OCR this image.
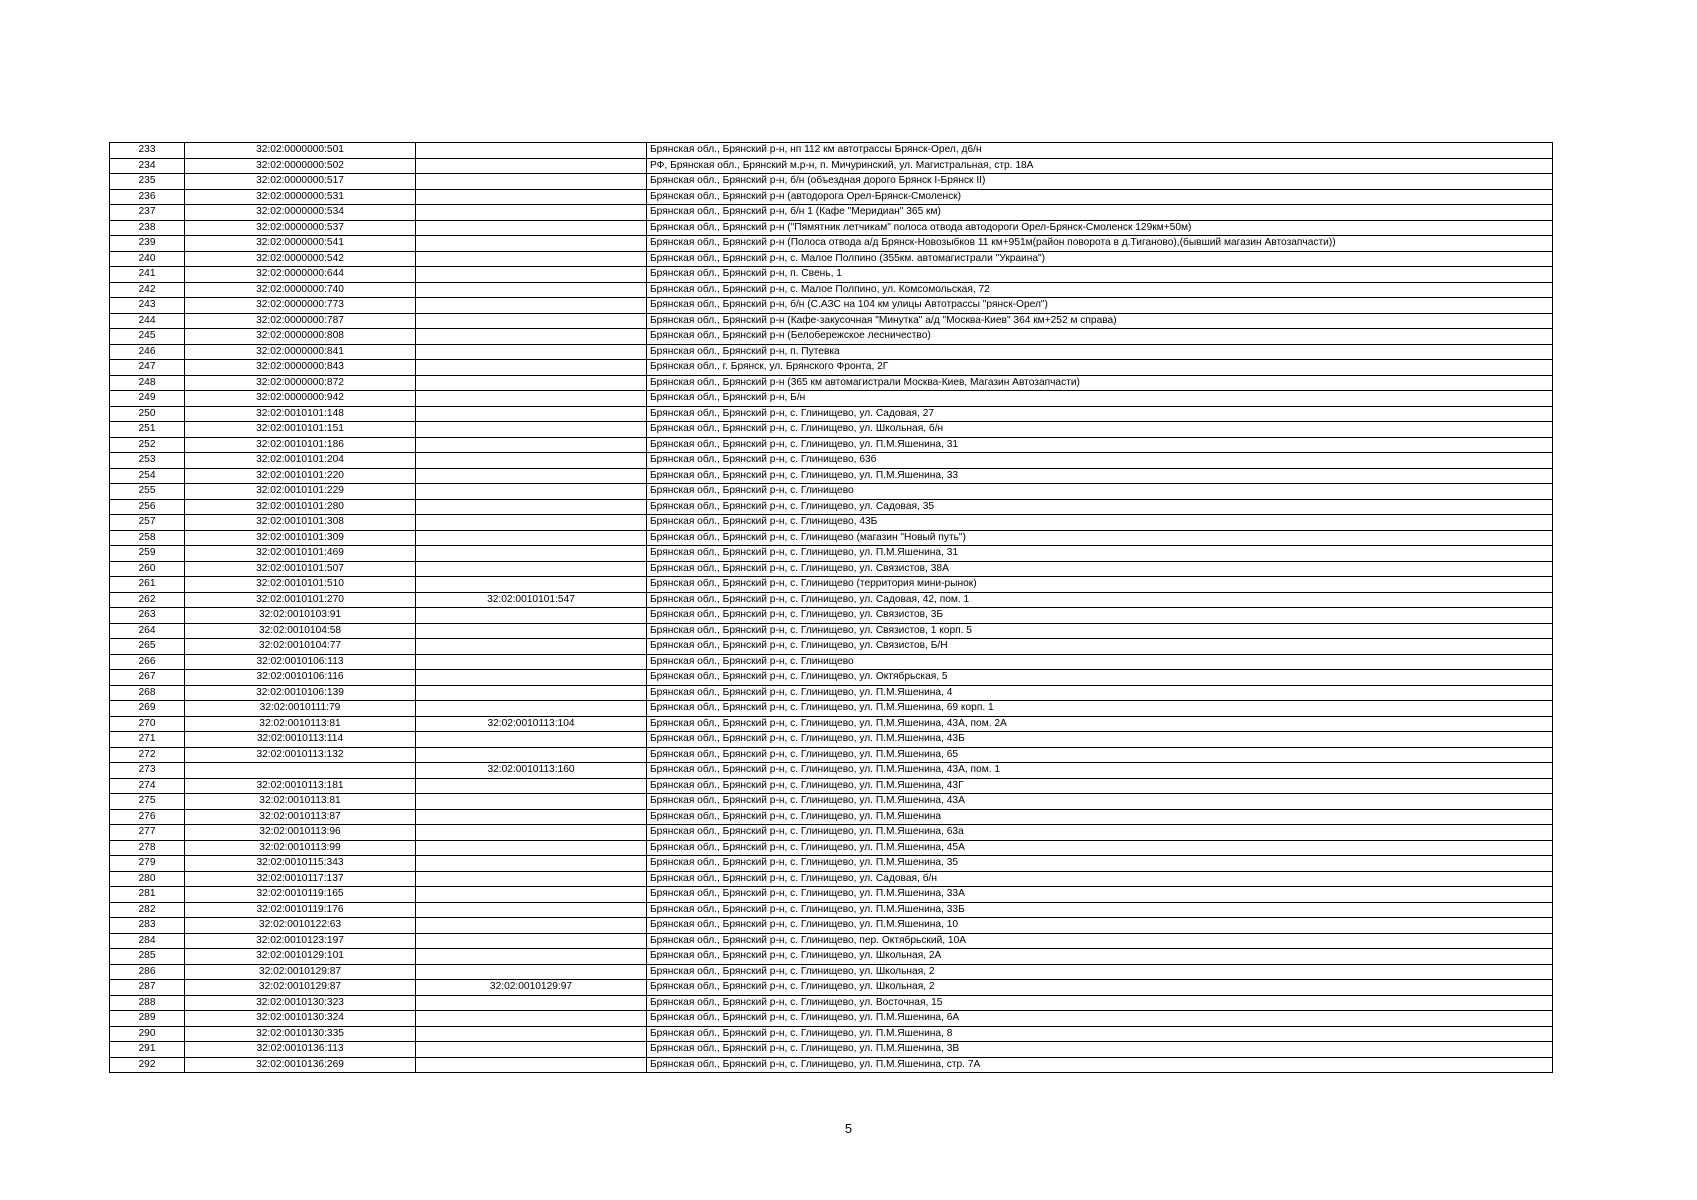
233	32:02:0000000:501		Брянская обл., Брянский р-н, нп 112 км автотрассы Брянск-Орел, д6/н
234	32:02:0000000:502		РФ, Брянская обл., Брянский м.р-н, п. Мичуринский, ул. Магистральная, стр. 18А
235	32:02:0000000:517		Брянская обл., Брянский р-н, б/н (объездная дорого Брянск I-Брянск II)
236	32:02:0000000:531		Брянская обл., Брянский р-н (автодорога Орел-Брянск-Смоленск)
237	32:02:0000000:534		Брянская обл., Брянский р-н, б/н 1 (Кафе "Меридиан" 365 км)
238	32:02:0000000:537		Брянская обл., Брянский р-н ("Пямятник летчикам" полоса отвода автодороги Орел-Брянск-Смоленск 129км+50м)
239	32:02:0000000:541		Брянская обл., Брянский р-н (Полоса отвода а/д Брянск-Новозыбков 11 км+951м(район поворота в д.Тиганово),(бывший магазин Автозапчасти))
240	32:02:0000000:542		Брянская обл., Брянский р-н, с. Малое Полпино (355км. автомагистрали "Украина")
241	32:02:0000000:644		Брянская обл., Брянский р-н, п. Свень, 1
242	32:02:0000000:740		Брянская обл., Брянский р-н, с. Малое Полпино, ул. Комсомольская, 72
243	32:02:0000000:773		Брянская обл., Брянский р-н, б/н (С.АЗС на 104 км улицы Автотрассы "рянск-Орел")
244	32:02:0000000:787		Брянская обл., Брянский р-н (Кафе-закусочная "Минутка" а/д "Москва-Киев" 364 км+252 м справа)
245	32:02:0000000:808		Брянская обл., Брянский р-н (Белобережское лесничество)
246	32:02:0000000:841		Брянская обл., Брянский р-н, п. Путевка
247	32:02:0000000:843		Брянская обл., г. Брянск, ул. Брянского Фронта, 2Г
248	32:02:0000000:872		Брянская обл., Брянский р-н (365 км автомагистрали Москва-Киев, Магазин Автозапчасти)
249	32:02:0000000:942		Брянская обл., Брянский р-н, Б/н
250	32:02:0010101:148		Брянская обл., Брянский р-н, с. Глинищево, ул. Садовая, 27
251	32:02:0010101:151		Брянская обл., Брянский р-н, с. Глинищево, ул. Школьная, б/н
252	32:02:0010101:186		Брянская обл., Брянский р-н, с. Глинищево, ул. П.М.Яшенина, 31
253	32:02:0010101:204		Брянская обл., Брянский р-н, с. Глинищево, 63б
254	32:02:0010101:220		Брянская обл., Брянский р-н, с. Глинищево, ул. П.М.Яшенина, 33
255	32:02:0010101:229		Брянская обл., Брянский р-н, с. Глинищево
256	32:02:0010101:280		Брянская обл., Брянский р-н, с. Глинищево, ул. Садовая, 35
257	32:02:0010101:308		Брянская обл., Брянский р-н, с. Глинищево, 43Б
258	32:02:0010101:309		Брянская обл., Брянский р-н, с. Глинищево (магазин "Новый путь")
259	32:02:0010101:469		Брянская обл., Брянский р-н, с. Глинищево, ул. П.М.Яшенина, 31
260	32:02:0010101:507		Брянская обл., Брянский р-н, с. Глинищево, ул. Связистов, 38А
261	32:02:0010101:510		Брянская обл., Брянский р-н, с. Глинищево (территория мини-рынок)
262	32:02:0010101:270	32:02:0010101:547	Брянская обл., Брянский р-н, с. Глинищево, ул. Садовая, 42, пом. 1
263	32:02:0010103:91		Брянская обл., Брянский р-н, с. Глинищево, ул. Связистов, 3Б
264	32:02:0010104:58		Брянская обл., Брянский р-н, с. Глинищево, ул. Связистов, 1 корп. 5
265	32:02:0010104:77		Брянская обл., Брянский р-н, с. Глинищево, ул. Связистов, Б/Н
266	32:02:0010106:113		Брянская обл., Брянский р-н, с. Глинищево
267	32:02:0010106:116		Брянская обл., Брянский р-н, с. Глинищево, ул. Октябрьская, 5
268	32:02:0010106:139		Брянская обл., Брянский р-н, с. Глинищево, ул. П.М.Яшенина, 4
269	32:02:0010111:79		Брянская обл., Брянский р-н, с. Глинищево, ул. П.М.Яшенина, 69 корп. 1
270	32:02:0010113:81	32:02:0010113:104	Брянская обл., Брянский р-н, с. Глинищево, ул. П.М.Яшенина, 43А, пом. 2А
271	32:02:0010113:114		Брянская обл., Брянский р-н, с. Глинищево, ул. П.М.Яшенина, 43Б
272	32:02:0010113:132		Брянская обл., Брянский р-н, с. Глинищево, ул. П.М.Яшенина, 65
273		32:02:0010113:160	Брянская обл., Брянский р-н, с. Глинищево, ул. П.М.Яшенина, 43А, пом. 1
274	32:02:0010113:181		Брянская обл., Брянский р-н, с. Глинищево, ул. П.М.Яшенина, 43Г
275	32:02:0010113:81		Брянская обл., Брянский р-н, с. Глинищево, ул. П.М.Яшенина, 43А
276	32:02:0010113:87		Брянская обл., Брянский р-н, с. Глинищево, ул. П.М.Яшенина
277	32:02:0010113:96		Брянская обл., Брянский р-н, с. Глинищево, ул. П.М.Яшенина, 63а
278	32:02:0010113:99		Брянская обл., Брянский р-н, с. Глинищево, ул. П.М.Яшенина, 45А
279	32:02:0010115:343		Брянская обл., Брянский р-н, с. Глинищево, ул. П.М.Яшенина, 35
280	32:02:0010117:137		Брянская обл., Брянский р-н, с. Глинищево, ул. Садовая, б/н
281	32:02:0010119:165		Брянская обл., Брянский р-н, с. Глинищево, ул. П.М.Яшенина, 33А
282	32:02:0010119:176		Брянская обл., Брянский р-н, с. Глинищево, ул. П.М.Яшенина, 33Б
283	32:02:0010122:63		Брянская обл., Брянский р-н, с. Глинищево, ул. П.М.Яшенина, 10
284	32:02:0010123:197		Брянская обл., Брянский р-н, с. Глинищево, пер. Октябрьский, 10А
285	32:02:0010129:101		Брянская обл., Брянский р-н, с. Глинищево, ул. Школьная, 2А
286	32:02:0010129:87		Брянская обл., Брянский р-н, с. Глинищево, ул. Школьная, 2
287	32:02:0010129:87	32:02:0010129:97	Брянская обл., Брянский р-н, с. Глинищево, ул. Школьная, 2
288	32:02:0010130:323		Брянская обл., Брянский р-н, с. Глинищево, ул. Восточная, 15
289	32:02:0010130:324		Брянская обл., Брянский р-н, с. Глинищево, ул. П.М.Яшенина, 6А
290	32:02:0010130:335		Брянская обл., Брянский р-н, с. Глинищево, ул. П.М.Яшенина, 8
291	32:02:0010136:113		Брянская обл., Брянский р-н, с. Глинищево, ул. П.М.Яшенина, 3В
292	32:02:0010136:269		Брянская обл., Брянский р-н, с. Глинищево, ул. П.М.Яшенина, стр. 7А
5
